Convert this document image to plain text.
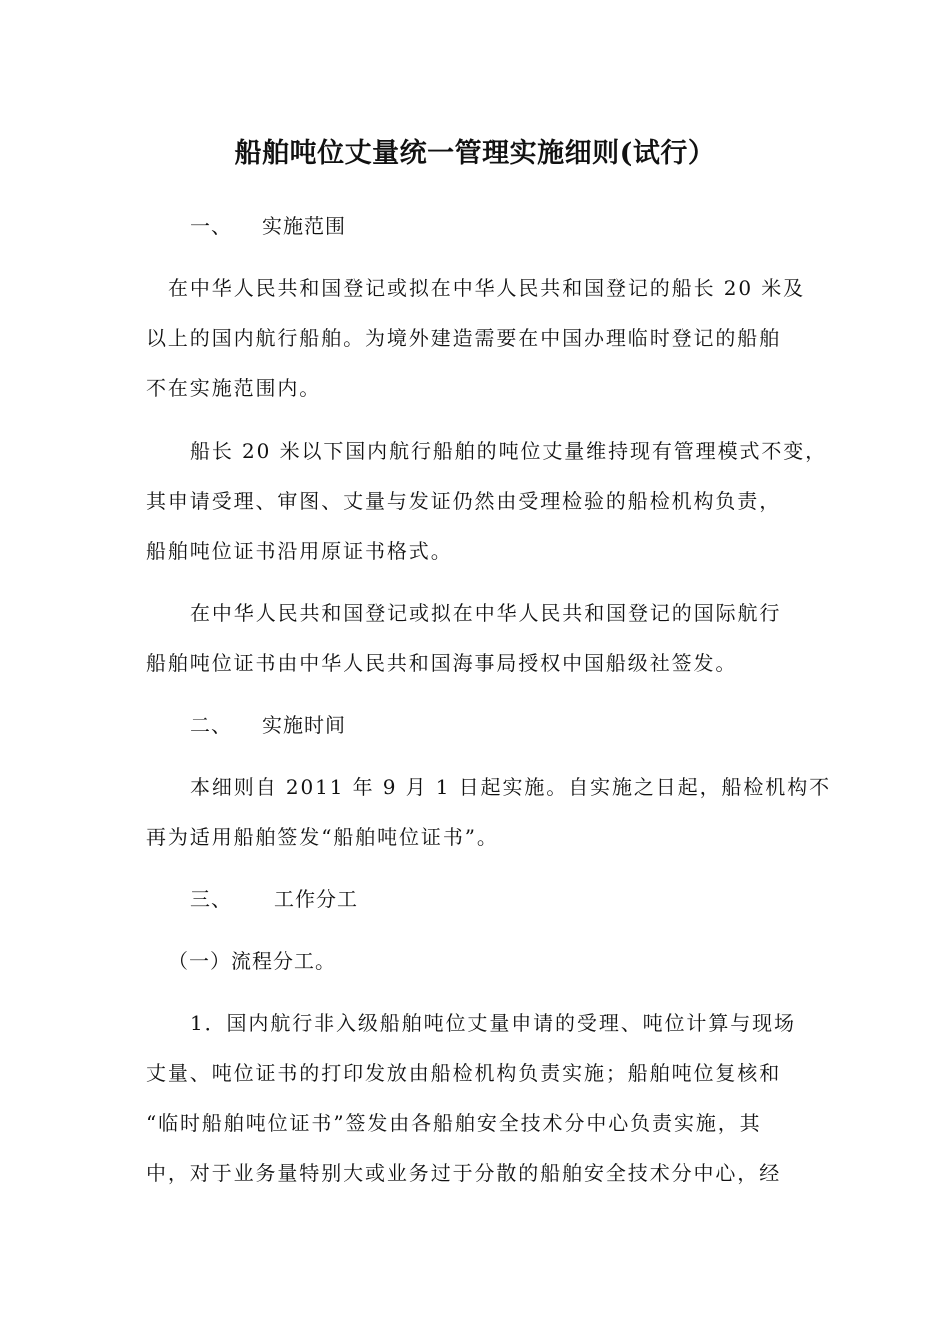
船舶吨位丈量统一管理实施细则(试行）
一、 实施范围
在中华人民共和国登记或拟在中华人民共和国登记的船长 20 米及
以上的国内航行船舶。为境外建造需要在中国办理临时登记的船舶
不在实施范围内。
船长 20 米以下国内航行船舶的吨位丈量维持现有管理模式不变，
其申请受理、审图、丈量与发证仍然由受理检验的船检机构负责，
船舶吨位证书沿用原证书格式。
在中华人民共和国登记或拟在中华人民共和国登记的国际航行
船舶吨位证书由中华人民共和国海事局授权中国船级社签发。
二、 实施时间
本细则自 2011 年 9 月 1 日起实施。自实施之日起，船检机构不
再为适用船舶签发“船舶吨位证书”。
三、 工作分工
（一）流程分工。
1．国内航行非入级船舶吨位丈量申请的受理、吨位计算与现场
丈量、吨位证书的打印发放由船检机构负责实施；船舶吨位复核和
“临时船舶吨位证书”签发由各船舶安全技术分中心负责实施，其
中，对于业务量特别大或业务过于分散的船舶安全技术分中心，经
